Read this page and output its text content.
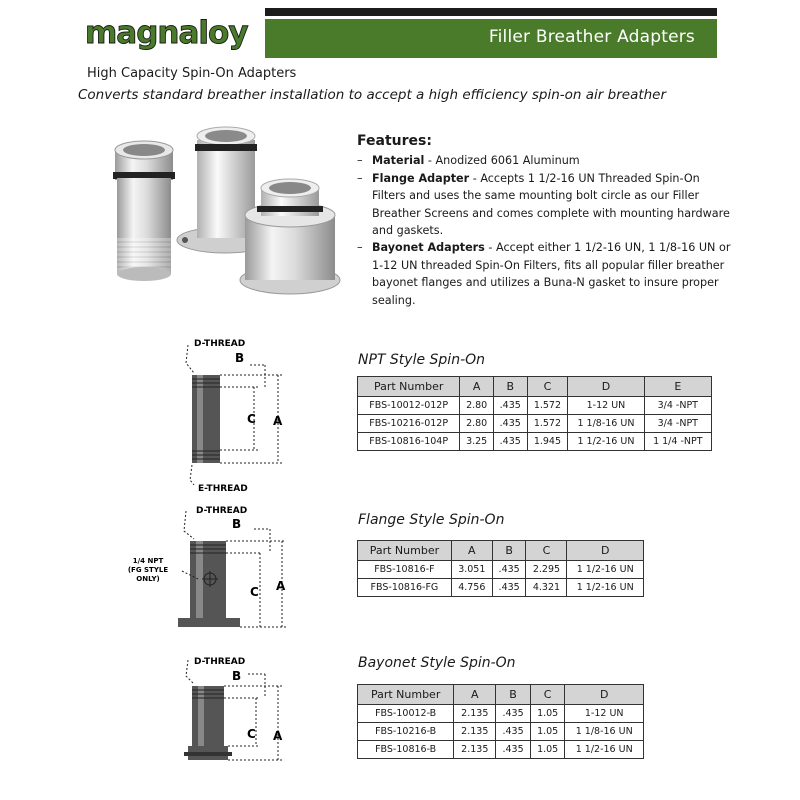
magnaloy	Filler Breather Adapters
High Capacity Spin-On Adapters
Converts standard breather installation to accept a high efficiency spin-on air breather
Features:
– Material - Anodized 6061 Aluminum
– Flange Adapter - Accepts 1 1/2-16 UN Threaded Spin-On Filters and uses the same mounting bolt circle as our Filler Breather Screens and comes complete with mounting hardware and gaskets.
– Bayonet Adapters - Accept either 1 1/2-16 UN, 1 1/8-16 UN or 1-12 UN threaded Spin-On Filters, fits all popular filler breather bayonet flanges and utilizes a Buna-N gasket to insure proper sealing.
D-THREAD
B
C A
E-THREAD
NPT Style Spin-On
Part Number	A	B	C	D	E
FBS-10012-012P	2.80	.435	1.572	1-12 UN	3/4 -NPT
FBS-10216-012P	2.80	.435	1.572	1 1/8-16 UN	3/4 -NPT
FBS-10816-104P	3.25	.435	1.945	1 1/2-16 UN	1 1/4 -NPT
D-THREAD
B
C A
1/4 NPT
(FG STYLE
ONLY)
Flange Style Spin-On
Part Number	A	B	C	D
FBS-10816-F	3.051	.435	2.295	1 1/2-16 UN
FBS-10816-FG	4.756	.435	4.321	1 1/2-16 UN
D-THREAD
B
C A
Bayonet Style Spin-On
Part Number	A	B	C	D
FBS-10012-B	2.135	.435	1.05	1-12 UN
FBS-10216-B	2.135	.435	1.05	1 1/8-16 UN
FBS-10816-B	2.135	.435	1.05	1 1/2-16 UN
